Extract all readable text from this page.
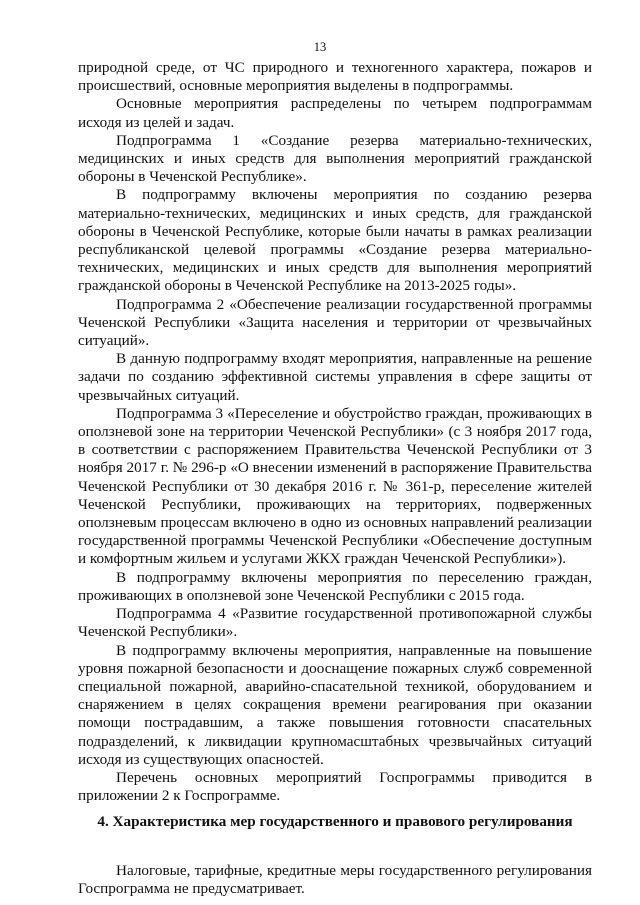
13

природной среде, от ЧС природного и техногенного характера, пожаров и происшествий, основные мероприятия выделены в подпрограммы.

Основные мероприятия распределены по четырем подпрограммам исходя из целей и задач.

Подпрограмма 1 «Создание резерва материально-технических, медицинских и иных средств для выполнения мероприятий гражданской обороны в Чеченской Республике».

В подпрограмму включены мероприятия по созданию резерва материально-технических, медицинских и иных средств, для гражданской обороны в Чеченской Республике, которые были начаты в рамках реализации республиканской целевой программы «Создание резерва материально-технических, медицинских и иных средств для выполнения мероприятий гражданской обороны в Чеченской Республике на 2013-2025 годы».

Подпрограмма 2 «Обеспечение реализации государственной программы Чеченской Республики «Защита населения и территории от чрезвычайных ситуаций».

В данную подпрограмму входят мероприятия, направленные на решение задачи по созданию эффективной системы управления в сфере защиты от чрезвычайных ситуаций.

Подпрограмма 3 «Переселение и обустройство граждан, проживающих в оползневой зоне на территории Чеченской Республики» (с 3 ноября 2017 года, в соответствии с распоряжением Правительства Чеченской Республики от 3 ноября 2017 г. № 296-р «О внесении изменений в распоряжение Правительства Чеченской Республики от 30 декабря 2016 г. № 361-р, переселение жителей Чеченской Республики, проживающих на территориях, подверженных оползневым процессам включено в одно из основных направлений реализации государственной программы Чеченской Республики «Обеспечение доступным и комфортным жильем и услугами ЖКХ граждан Чеченской Республики»).

В подпрограмму включены мероприятия по переселению граждан, проживающих в оползневой зоне Чеченской Республики с 2015 года.

Подпрограмма 4 «Развитие государственной противопожарной службы Чеченской Республики».

В подпрограмму включены мероприятия, направленные на повышение уровня пожарной безопасности и дооснащение пожарных служб современной специальной пожарной, аварийно-спасательной техникой, оборудованием и снаряжением в целях сокращения времени реагирования при оказании помощи пострадавшим, а также повышения готовности спасательных подразделений, к ликвидации крупномасштабных чрезвычайных ситуаций исходя из существующих опасностей.

Перечень основных мероприятий Госпрограммы приводится в приложении 2 к Госпрограмме.

4. Характеристика мер государственного и правового регулирования

Налоговые, тарифные, кредитные меры государственного регулирования Госпрограмма не предусматривает.
